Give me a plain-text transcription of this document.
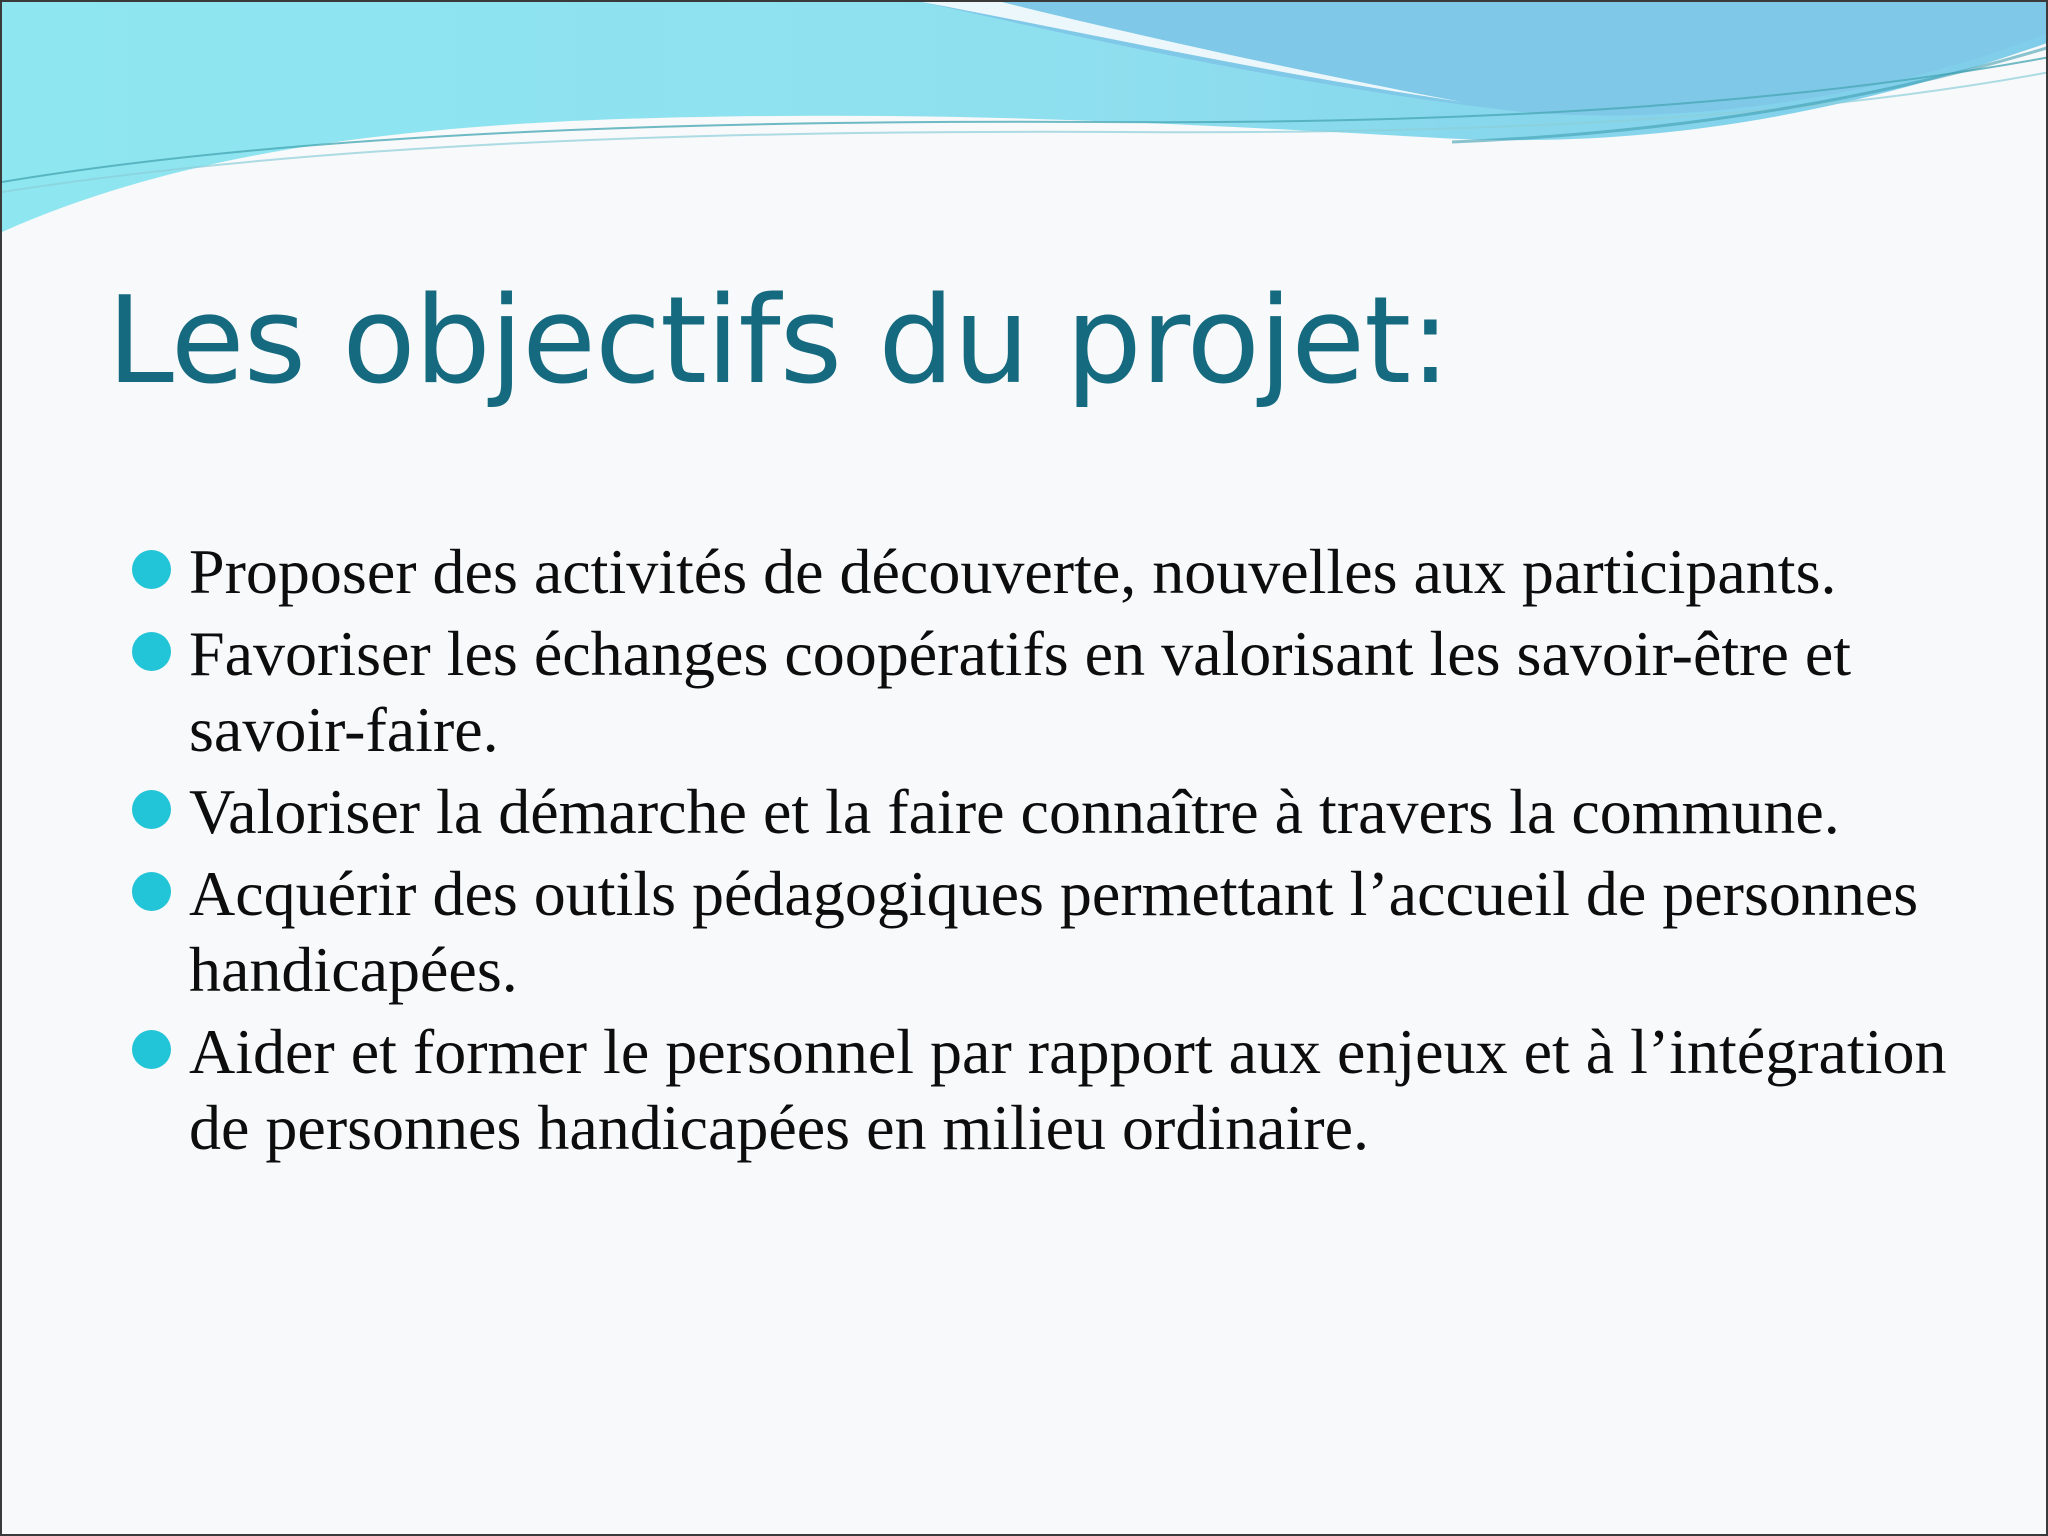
Les objectifs du projet:
Proposer des activités de découverte, nouvelles aux participants.
Favoriser les échanges coopératifs en valorisant les savoir-être et savoir-faire.
Valoriser la démarche et la faire connaître à travers la commune.
Acquérir des outils pédagogiques permettant l’accueil de personnes handicapées.
Aider et former le personnel par rapport aux enjeux et à l’intégration de personnes handicapées en milieu ordinaire.
